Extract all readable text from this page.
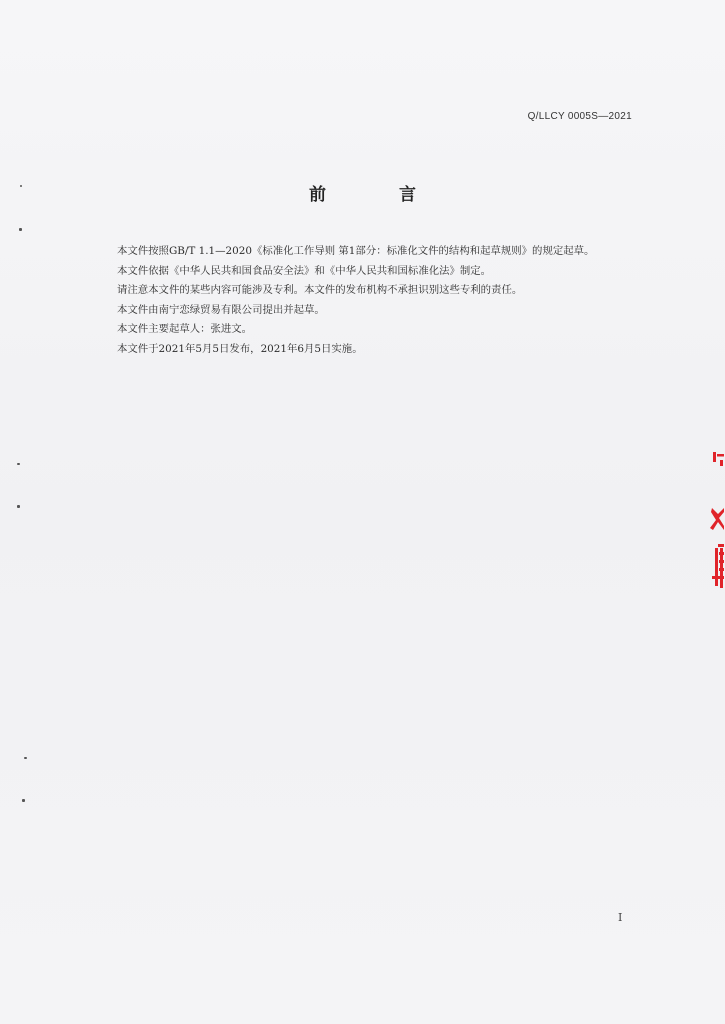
Q/LLCY 0005S—2021
前　言

本文件按照GB/T 1.1—2020《标准化工作导则 第1部分：标准化文件的结构和起草规则》的规定起草。

本文件依据《中华人民共和国食品安全法》和《中华人民共和国标准化法》制定。

请注意本文件的某些内容可能涉及专利。本文件的发布机构不承担识别这些专利的责任。

本文件由南宁恋绿贸易有限公司提出并起草。

本文件主要起草人：张进文。

本文件于2021年5月5日发布，2021年6月5日实施。

I
